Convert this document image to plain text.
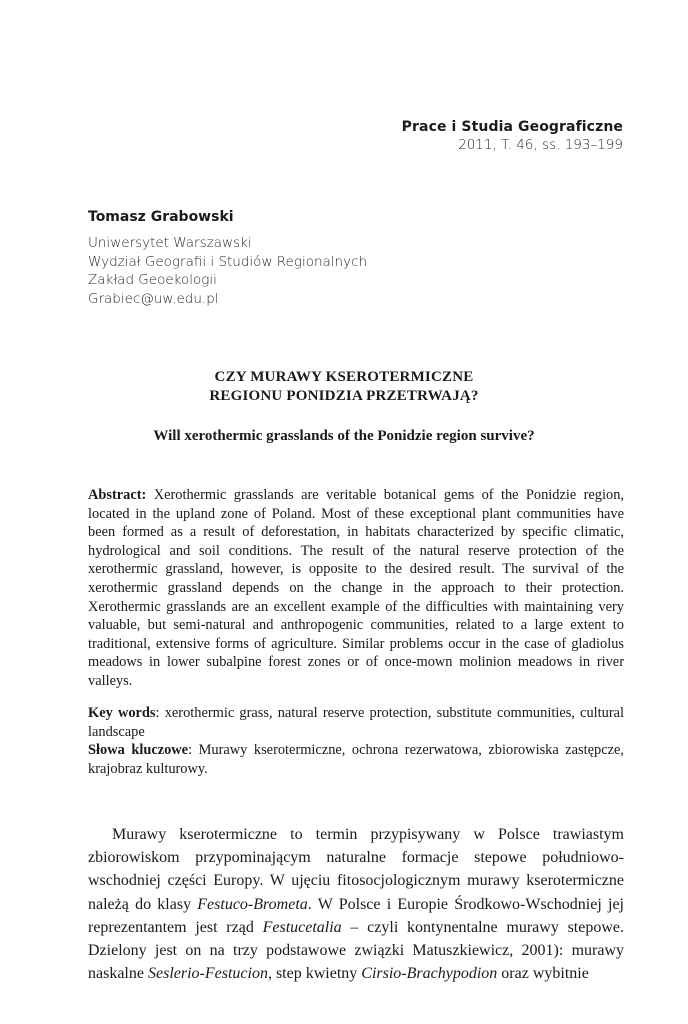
Prace i Studia Geograficzne
2011, T. 46, ss. 193–199
Tomasz Grabowski
Uniwersytet Warszawski
Wydział Geografii i Studiów Regionalnych
Zakład Geoekologii
Grabiec@uw.edu.pl
CZY MURAWY KSEROTERMICZNE
REGIONU PONIDZIA PRZETRWAJĄ?
Will xerothermic grasslands of the Ponidzie region survive?
Abstract: Xerothermic grasslands are veritable botanical gems of the Ponidzie region, located in the upland zone of Poland. Most of these exceptional plant communities have been formed as a result of deforestation, in habitats characterized by specific climatic, hydrological and soil conditions. The result of the natural reserve protection of the xerothermic grassland, however, is opposite to the desired result. The survival of the xerothermic grassland depends on the change in the approach to their protection. Xerothermic grasslands are an excellent example of the difficulties with maintaining very valuable, but semi-natural and anthropogenic communities, related to a large extent to traditional, extensive forms of agriculture. Similar problems occur in the case of gladiolus meadows in lower subalpine forest zones or of once-mown molinion meadows in river valleys.
Key words: xerothermic grass, natural reserve protection, substitute communities, cultural landscape
Słowa kluczowe: Murawy kserotermiczne, ochrona rezerwatowa, zbiorowiska zastępcze, krajobraz kulturowy.
Murawy kserotermiczne to termin przypisywany w Polsce trawiastym zbiorowiskom przypominającym naturalne formacje stepowe południowo-wschodniej części Europy. W ujęciu fitosocjologicznym murawy kserotermiczne należą do klasy Festuco-Brometa. W Polsce i Europie Środkowo-Wschodniej jej reprezentantem jest rząd Festucetalia – czyli kontynentalne murawy stepowe. Dzielony jest on na trzy podstawowe związki Matuszkiewicz, 2001): murawy naskalne Seslerio-Festucion, step kwietny Cirsio-Brachypodion oraz wybitnie
